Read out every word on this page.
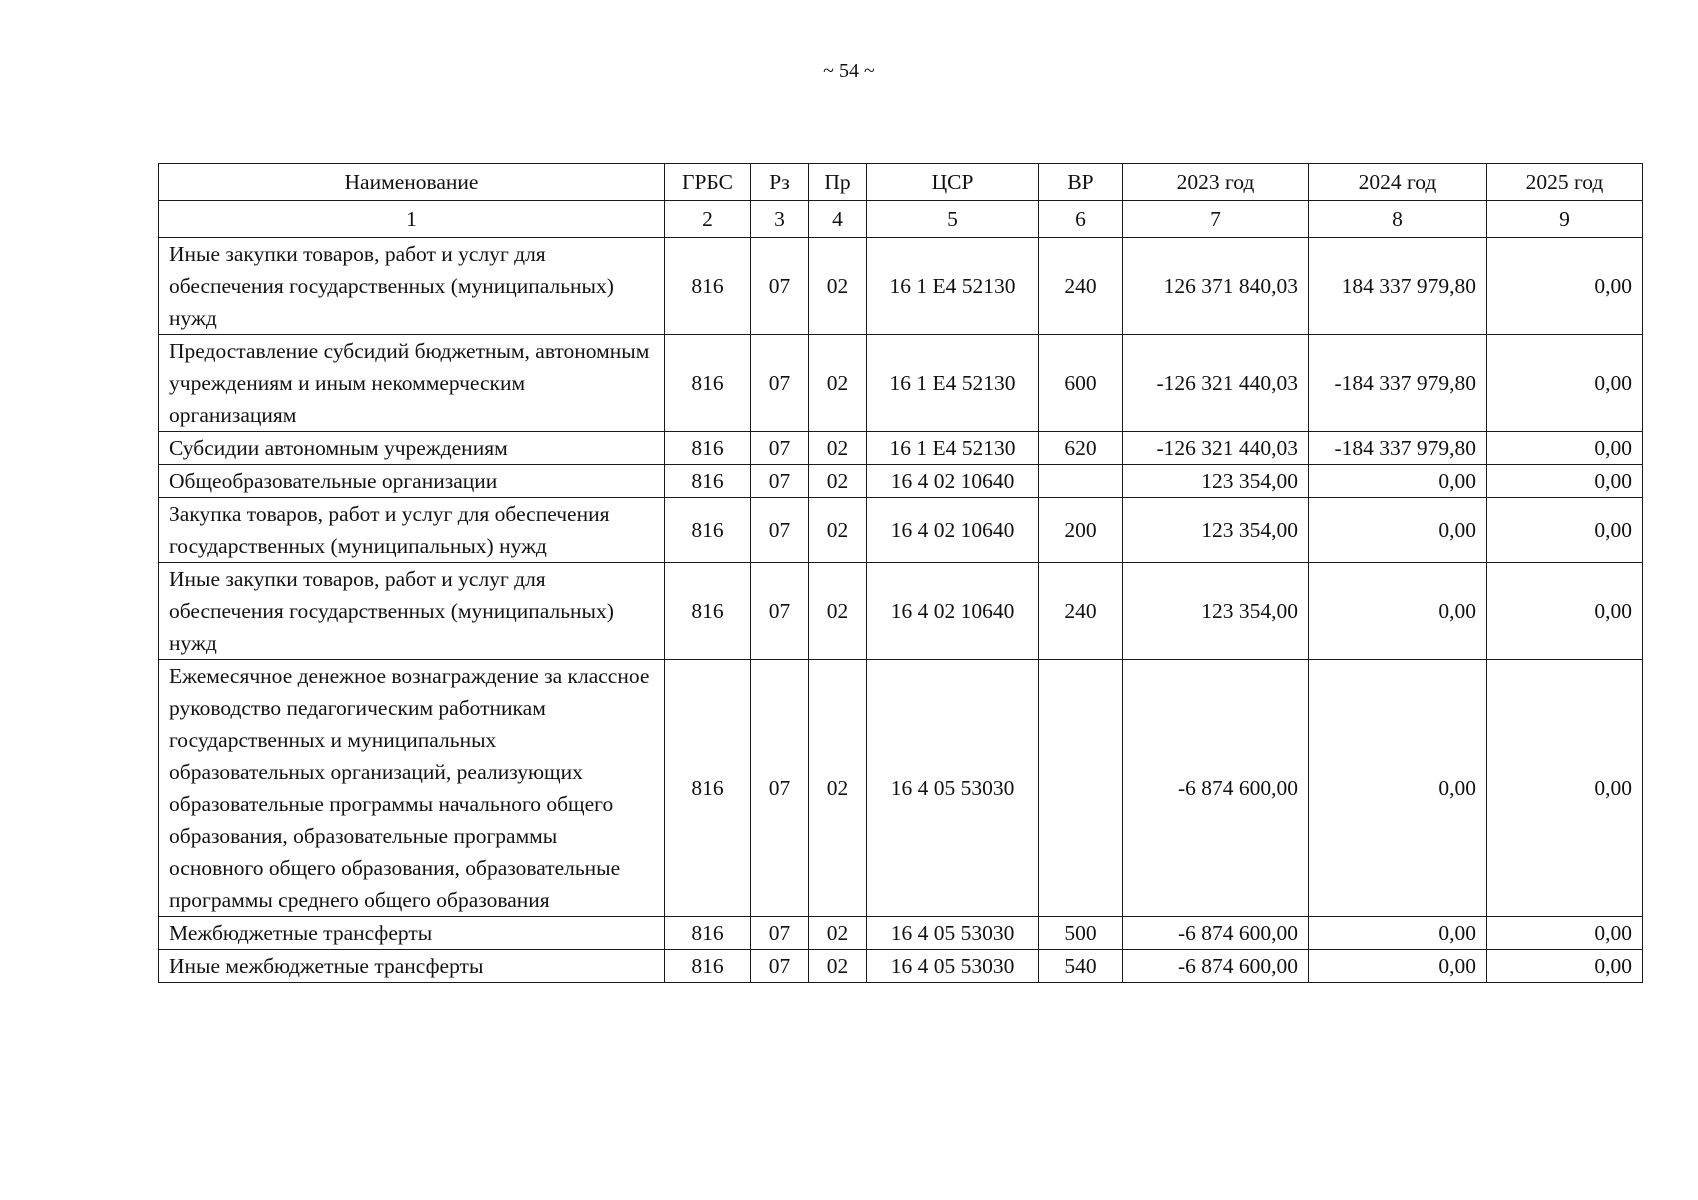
~ 54 ~
Наименование	ГРБС	Рз	Пр	ЦСР	ВР	2023 год	2024 год	2025 год
1	2	3	4	5	6	7	8	9
Иные закупки товаров, работ и услуг для обеспечения государственных (муниципальных) нужд	816	07	02	16 1 E4 52130	240	126 371 840,03	184 337 979,80	0,00
Предоставление субсидий бюджетным, автономным учреждениям и иным некоммерческим организациям	816	07	02	16 1 E4 52130	600	-126 321 440,03	-184 337 979,80	0,00
Субсидии автономным учреждениям	816	07	02	16 1 E4 52130	620	-126 321 440,03	-184 337 979,80	0,00
Общеобразовательные организации	816	07	02	16 4 02 10640		123 354,00	0,00	0,00
Закупка товаров, работ и услуг для обеспечения государственных (муниципальных) нужд	816	07	02	16 4 02 10640	200	123 354,00	0,00	0,00
Иные закупки товаров, работ и услуг для обеспечения государственных (муниципальных) нужд	816	07	02	16 4 02 10640	240	123 354,00	0,00	0,00
Ежемесячное денежное вознаграждение за классное руководство педагогическим работникам государственных и муниципальных образовательных организаций, реализующих образовательные программы начального общего образования, образовательные программы основного общего образования, образовательные программы среднего общего образования	816	07	02	16 4 05 53030		-6 874 600,00	0,00	0,00
Межбюджетные трансферты	816	07	02	16 4 05 53030	500	-6 874 600,00	0,00	0,00
Иные межбюджетные трансферты	816	07	02	16 4 05 53030	540	-6 874 600,00	0,00	0,00
